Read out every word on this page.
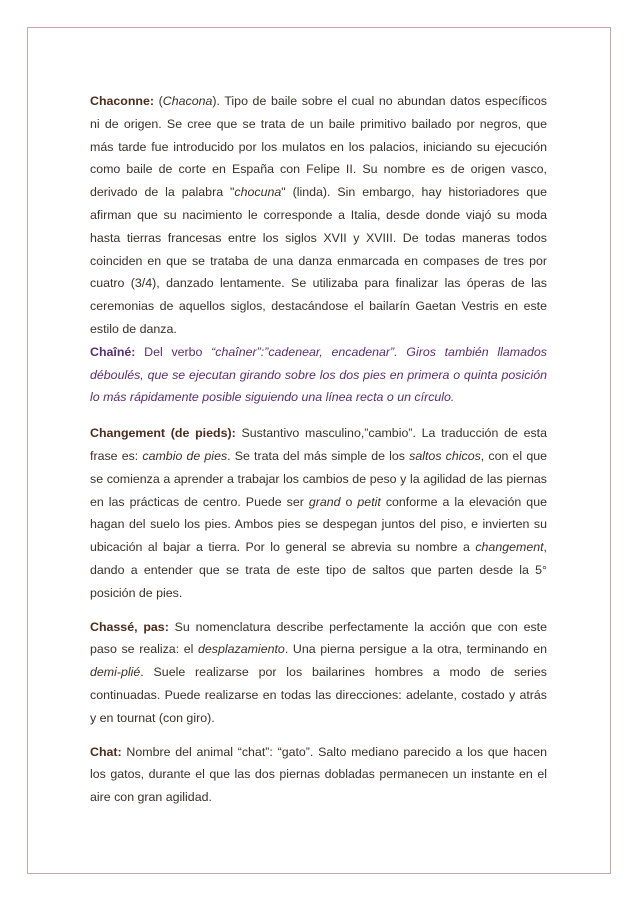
Chaconne: (Chacona). Tipo de baile sobre el cual no abundan datos específicos ni de origen. Se cree que se trata de un baile primitivo bailado por negros, que más tarde fue introducido por los mulatos en los palacios, iniciando su ejecución como baile de corte en España con Felipe II. Su nombre es de origen vasco, derivado de la palabra "chocuna" (linda). Sin embargo, hay historiadores que afirman que su nacimiento le corresponde a Italia, desde donde viajó su moda hasta tierras francesas entre los siglos XVII y XVIII. De todas maneras todos coinciden en que se trataba de una danza enmarcada en compases de tres por cuatro (3/4), danzado lentamente. Se utilizaba para finalizar las óperas de las ceremonias de aquellos siglos, destacándose el bailarín Gaetan Vestris en este estilo de danza.

Chaîné: Del verbo “chaîner”:”cadenear, encadenar”. Giros también llamados déboulés, que se ejecutan girando sobre los dos pies en primera o quinta posición lo más rápidamente posible siguiendo una línea recta o un círculo.

Changement (de pieds): Sustantivo masculino,”cambio”. La traducción de esta frase es: cambio de pies. Se trata del más simple de los saltos chicos, con el que se comienza a aprender a trabajar los cambios de peso y la agilidad de las piernas en las prácticas de centro. Puede ser grand o petit conforme a la elevación que hagan del suelo los pies. Ambos pies se despegan juntos del piso, e invierten su ubicación al bajar a tierra. Por lo general se abrevia su nombre a changement, dando a entender que se trata de este tipo de saltos que parten desde la 5° posición de pies.

Chassé, pas: Su nomenclatura describe perfectamente la acción que con este paso se realiza: el desplazamiento. Una pierna persigue a la otra, terminando en demi-plié. Suele realizarse por los bailarines hombres a modo de series continuadas. Puede realizarse en todas las direcciones: adelante, costado y atrás y en tournat (con giro).

Chat: Nombre del animal “chat”: “gato”. Salto mediano parecido a los que hacen los gatos, durante el que las dos piernas dobladas permanecen un instante en el aire con gran agilidad.
